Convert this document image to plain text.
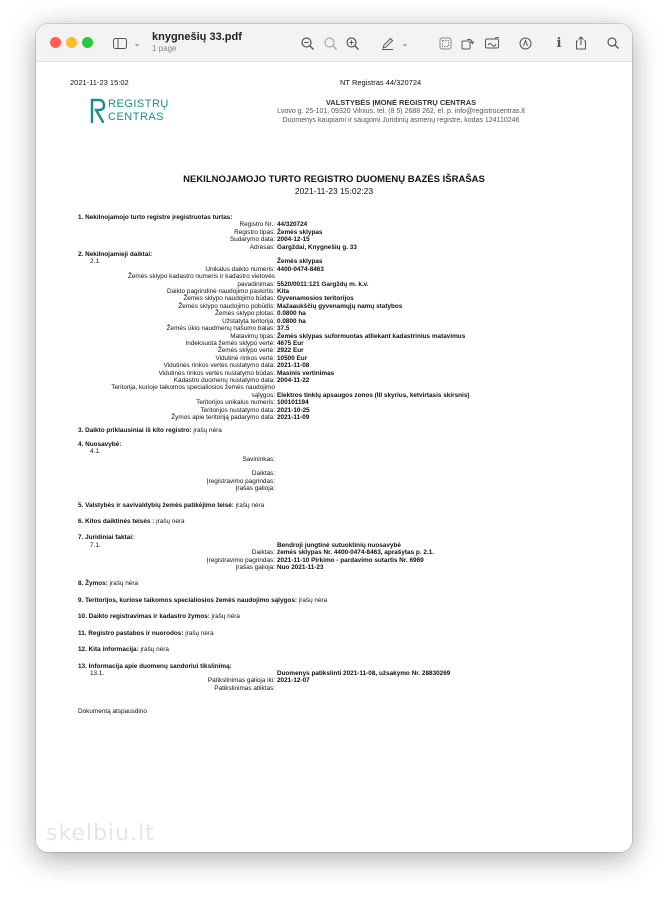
⌄ knygnešių 33.pdf
1 page
⌄	i
2021-11-23 15:02	NT Registras 44/320724
REGISTRŲ
CENTRAS
VALSTYBĖS ĮMONĖ REGISTRŲ CENTRAS
Lvovo g. 25-101, 09320 Vilnius, tel. (8 5) 2688 262, el. p. info@registrucentras.lt
Duomenys kaupiami ir saugomi Juridinių asmenų registre, kodas 124110246
NEKILNOJAMOJO TURTO REGISTRO DUOMENŲ BAZĖS IŠRAŠAS
2021-11-23 15:02:23
1. Nekilnojamojo turto registre įregistruotas turtas:
Registro Nr.: 44/320724
Registro tipas: Žemės sklypas
Sudarymo data: 2004-12-15
Adresas: Gargždai, Knygnešių g. 33
2. Nekilnojamieji daiktai:
2.1.	Žemės sklypas
Unikalus daikto numeris: 4400-0474-8463
Žemės sklypo kadastro numeris ir kadastro vietovės
pavadinimas: 5520/0011:121 Gargždų m. k.v.
Daikto pagrindinė naudojimo paskirtis: Kita
Žemės sklypo naudojimo būdas: Gyvenamosios teritorijos
Žemės sklypo naudojimo pobūdis: Mažaaukščių gyvenamųjų namų statybos
Žemės sklypo plotas: 0.0800 ha
Užstatyta teritorija: 0.0800 ha
Žemės ūkio naudmenų našumo balas: 37.5
Matavimų tipas: Žemės sklypas suformuotas atliekant kadastrinius matavimus
Indeksuota žemės sklypo vertė: 4675 Eur
Žemės sklypo vertė: 2922 Eur
Vidutinė rinkos vertė: 10500 Eur
Vidutinės rinkos vertės nustatymo data: 2021-11-08
Vidutinės rinkos vertės nustatymo būdas: Masinis vertinimas
Kadastro duomenų nustatymo data: 2004-11-22
Teritorija, kurioje taikomos specialiosios žemės naudojimo
sąlygos: Elektros tinklų apsaugos zonos (III skyrius, ketvirtasis skirsnis)
Teritorijos unikalus numeris: 100101194
Teritorijos nustatymo data: 2021-10-25
Žymos apie teritoriją padarymo data: 2021-11-09
3. Daikto priklausiniai iš kito registro: įrašų nėra
4. Nuosavybė:
4.1.
Savininkas:
Daiktas:
Įregistravimo pagrindas:
Įrašas galioja:
5. Valstybės ir savivaldybių žemės patikėjimo teisė: įrašų nėra
6. Kitos daiktinės teisės : įrašų nėra
7. Juridiniai faktai:
7.1.	Bendroji jungtinė sutuoktinių nuosavybė
Daiktas: žemės sklypas Nr. 4400-0474-8463, aprašytas p. 2.1.
Įregistravimo pagrindas: 2021-11-10 Pirkimo - pardavimo sutartis Nr. 6969
Įrašas galioja: Nuo 2021-11-23
8. Žymos: įrašų nėra
9. Teritorijos, kuriose taikomos specialiosios žemės naudojimo sąlygos: įrašų nėra
10. Daikto registravimas ir kadastro žymos: įrašų nėra
11. Registro pastabos ir nuorodos: įrašų nėra
12. Kita informacija: įrašų nėra
13. Informacija apie duomenų sandoriui tikslinimą:
13.1.	Duomenys patikslinti 2021-11-08, užsakymo Nr. 28830269
Patikslinimas galioja iki: 2021-12-07
Patikslinimas atliktas:
Dokumentą atspausdino
skelbiu.lt
